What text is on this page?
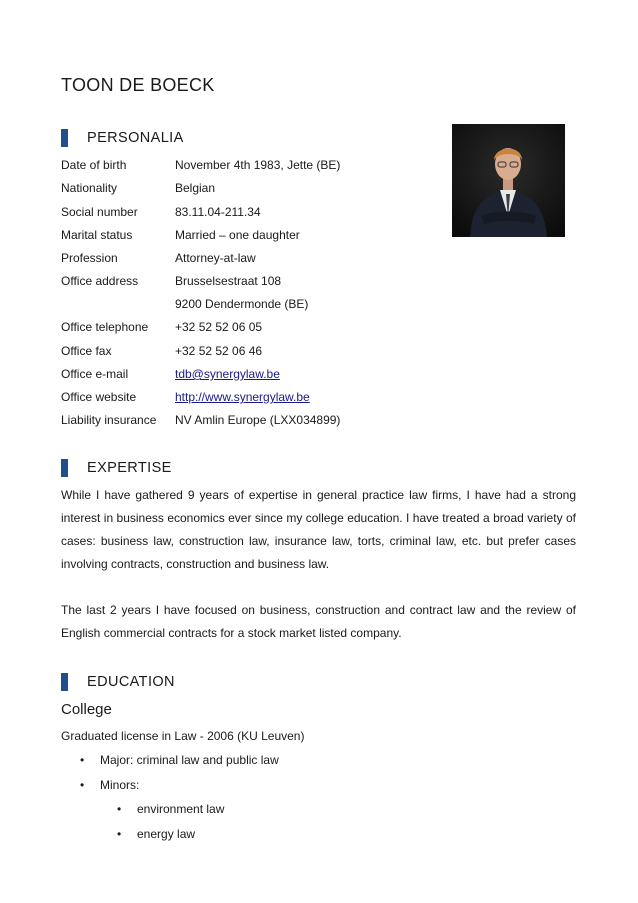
TOON DE BOECK
PERSONALIA
Date of birth	November 4th 1983, Jette (BE)
Nationality	Belgian
Social number	83.11.04-211.34
Marital status	Married – one daughter
Profession	Attorney-at-law
Office address	Brusselsestraat 108
9200 Dendermonde (BE)
Office telephone +32 52 52 06 05
Office fax	+32 52 52 06 46
Office e-mail	tdb@synergylaw.be
Office website	http://www.synergylaw.be
Liability insurance NV Amlin Europe (LXX034899)
EXPERTISE
While I have gathered 9 years of expertise in general practice law firms, I have had a strong interest in business economics ever since my college education. I have treated a broad variety of cases: business law, construction law, insurance law, torts, criminal law, etc. but prefer cases involving contracts, construction and business law.
The last 2 years I have focused on business, construction and contract law and the review of English commercial contracts for a stock market listed company.
EDUCATION
College
Graduated license in Law - 2006 (KU Leuven)
• Major: criminal law and public law
• Minors:
• environment law
• energy law
